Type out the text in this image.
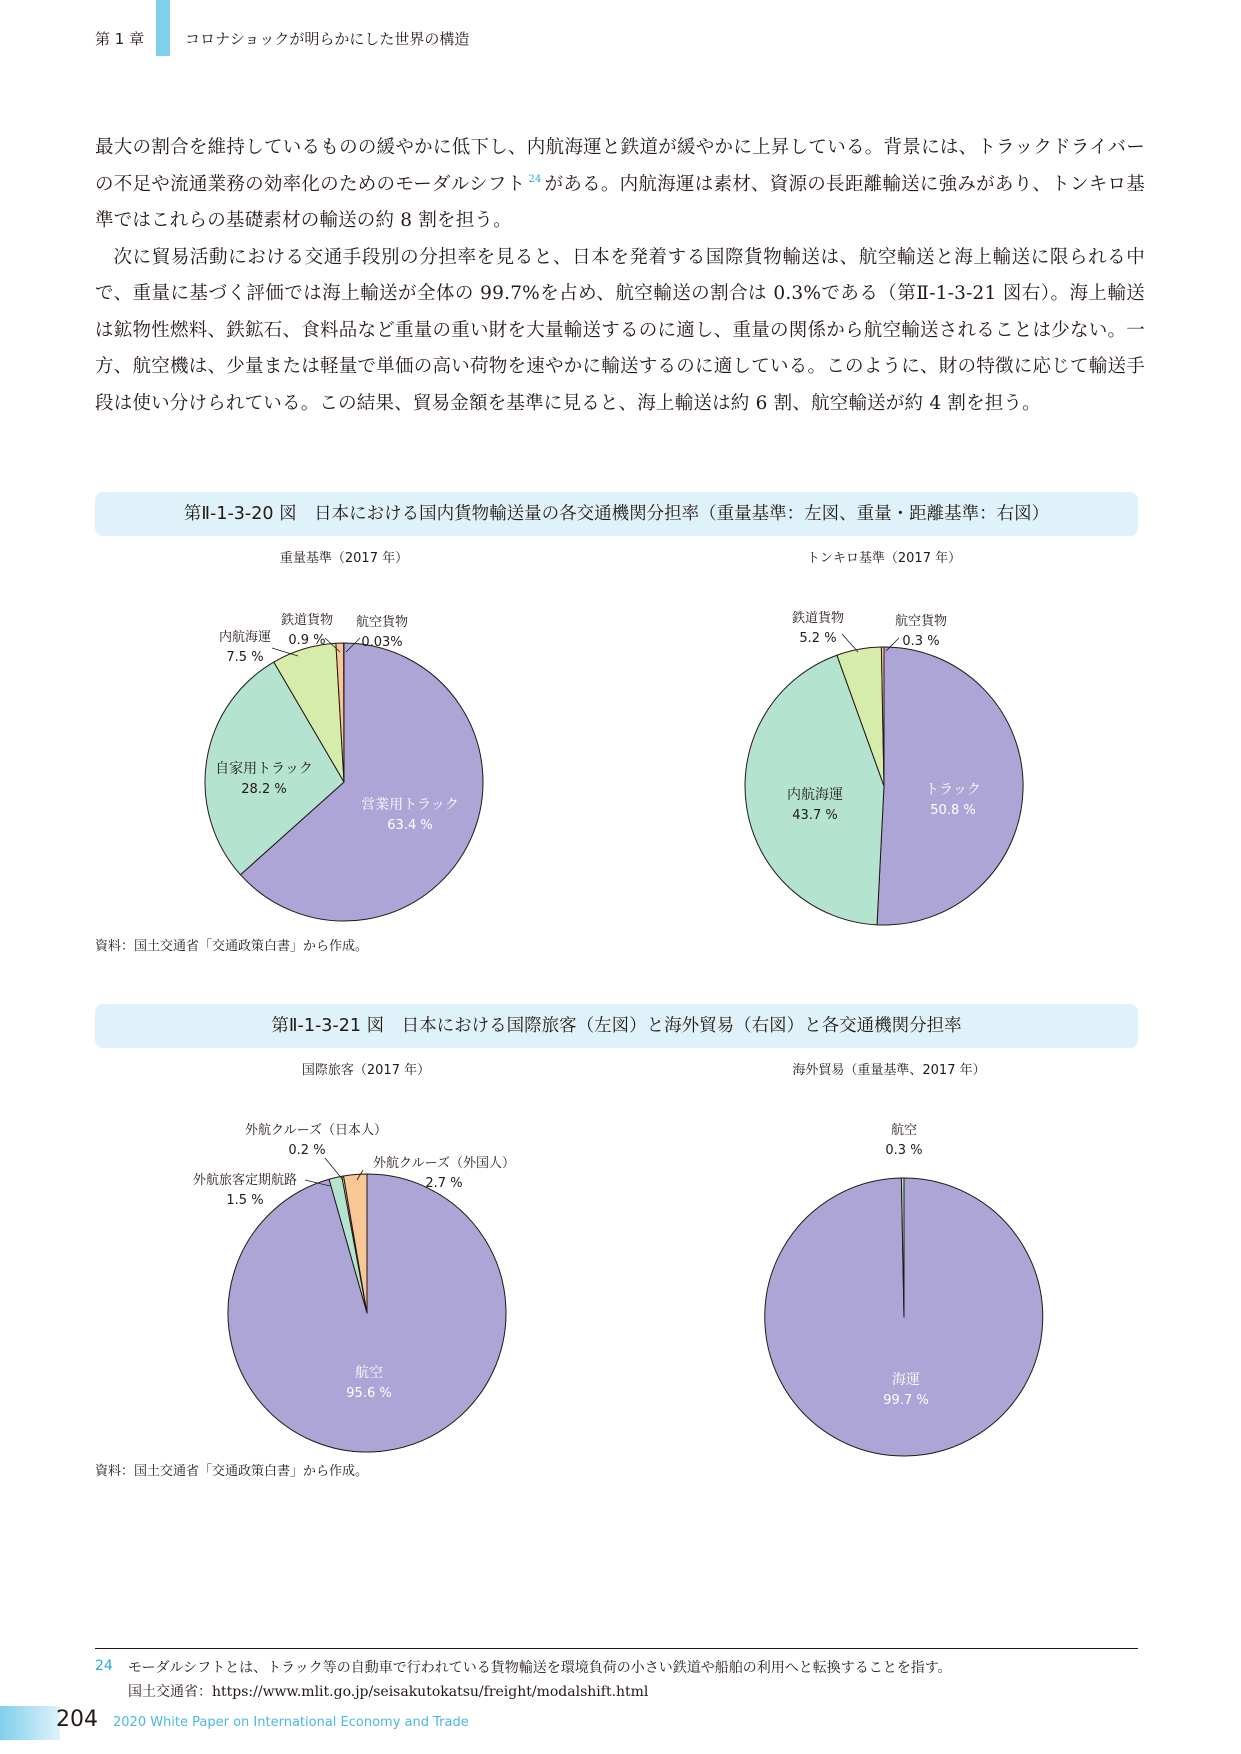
第 1 章	コロナショックが明らかにした世界の構造

最大の割合を維持しているものの緩やかに低下し、内航海運と鉄道が緩やかに上昇している。背景には、トラックドライバーの不足や流通業務の効率化のためのモーダルシフト $^{24}$ がある。内航海運は素材、資源の長距離輸送に強みがあり、トンキロ基準ではこれらの基礎素材の輸送の約 8 割を担う。

次に貿易活動における交通手段別の分担率を見ると、日本を発着する国際貨物輸送は、航空輸送と海上輸送に限られる中で、重量に基づく評価では海上輸送が全体の 99.7%を占め、航空輸送の割合は 0.3%である（第Ⅱ-1-3-21 図右）。海上輸送は鉱物性燃料、鉄鉱石、食料品など重量の重い財を大量輸送するのに適し、重量の関係から航空輸送されることは少ない。一方、航空機は、少量または軽量で単価の高い荷物を速やかに輸送するのに適している。このように、財の特徴に応じて輸送手段は使い分けられている。この結果、貿易金額を基準に見ると、海上輸送は約 6 割、航空輸送が約 4 割を担う。

第Ⅱ-1-3-20 図　日本における国内貨物輸送量の各交通機関分担率（重量基準：左図、重量・距離基準：右図）
重量基準（2017 年）	トンキロ基準（2017 年）
営業用トラック
63.4 %
自家用トラック
28.2 %
内航海運
7.5 %
鉄道貨物
0.9 %
航空貨物
0.03%
トラック
50.8 %
内航海運
43.7 %
鉄道貨物
5.2 %
航空貨物
0.3 %
航空
95.6 %
外航旅客定期航路
1.5 %
外航クルーズ（日本人）
0.2 %
外航クルーズ（外国人）
2.7 %
海運
99.7 %
航空
0.3 %
資料：国土交通省「交通政策白書」から作成。
第Ⅱ-1-3-21 図　日本における国際旅客（左図）と海外貿易（右図）と各交通機関分担率
国際旅客（2017 年）	海外貿易（重量基準、2017 年）
資料：国土交通省「交通政策白書」から作成。
24 モーダルシフトとは、トラック等の自動車で行われている貨物輸送を環境負荷の小さい鉄道や船舶の利用へと転換することを指す。
国土交通省：https://www.mlit.go.jp/seisakutokatsu/freight/modalshift.html
204 2020 White Paper on International Economy and Trade
